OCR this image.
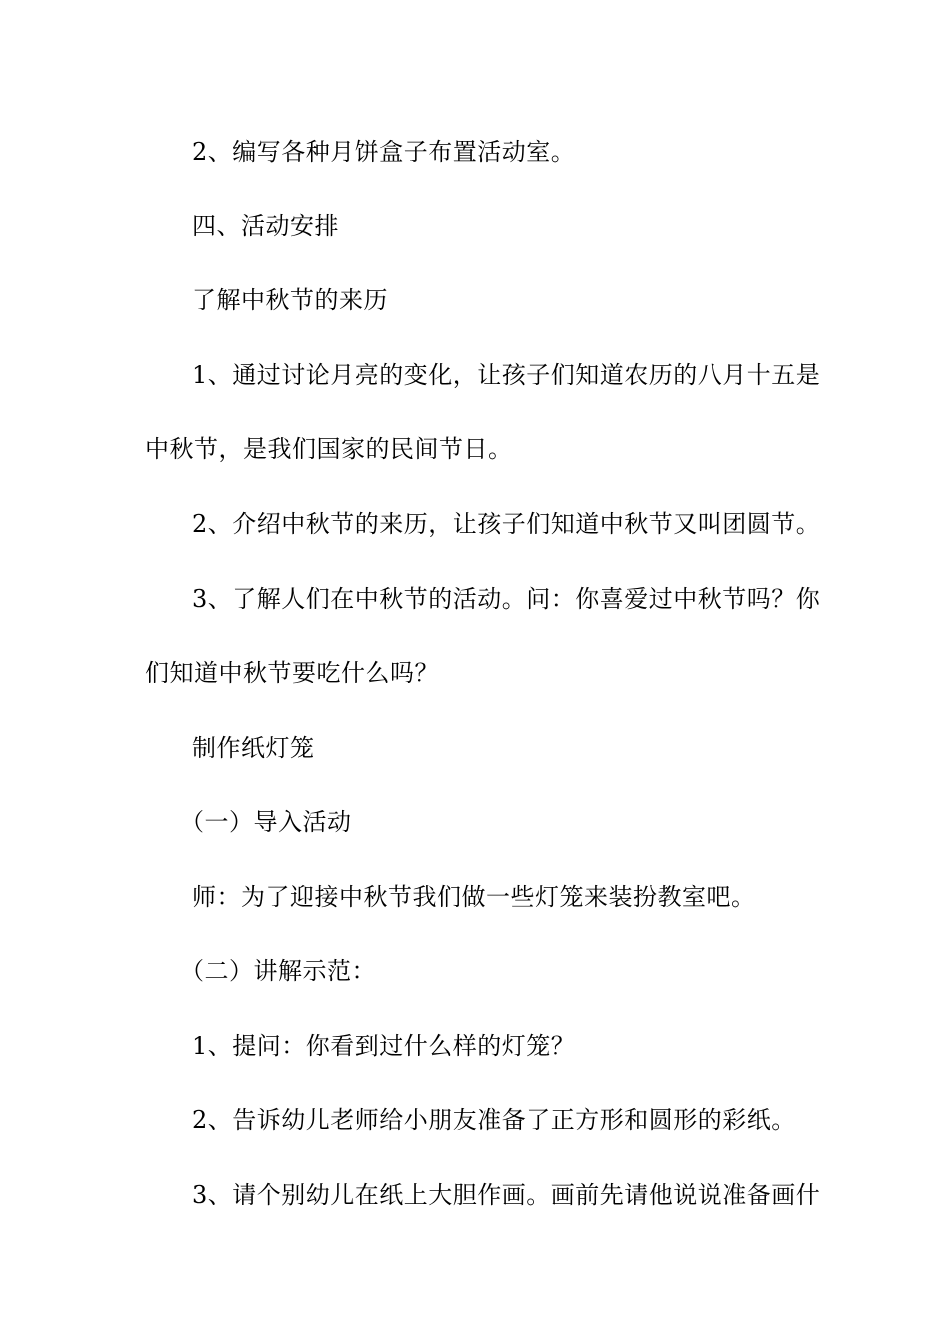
2、编写各种月饼盒子布置活动室。
四、活动安排
了解中秋节的来历
1、通过讨论月亮的变化，让孩子们知道农历的八月十五是
中秋节，是我们国家的民间节日。
2、介绍中秋节的来历，让孩子们知道中秋节又叫团圆节。
3、了解人们在中秋节的活动。问：你喜爱过中秋节吗？你
们知道中秋节要吃什么吗？
制作纸灯笼
（一）导入活动
师：为了迎接中秋节我们做一些灯笼来装扮教室吧。
（二）讲解示范：
1、提问：你看到过什么样的灯笼？
2、告诉幼儿老师给小朋友准备了正方形和圆形的彩纸。
3、请个别幼儿在纸上大胆作画。画前先请他说说准备画什
